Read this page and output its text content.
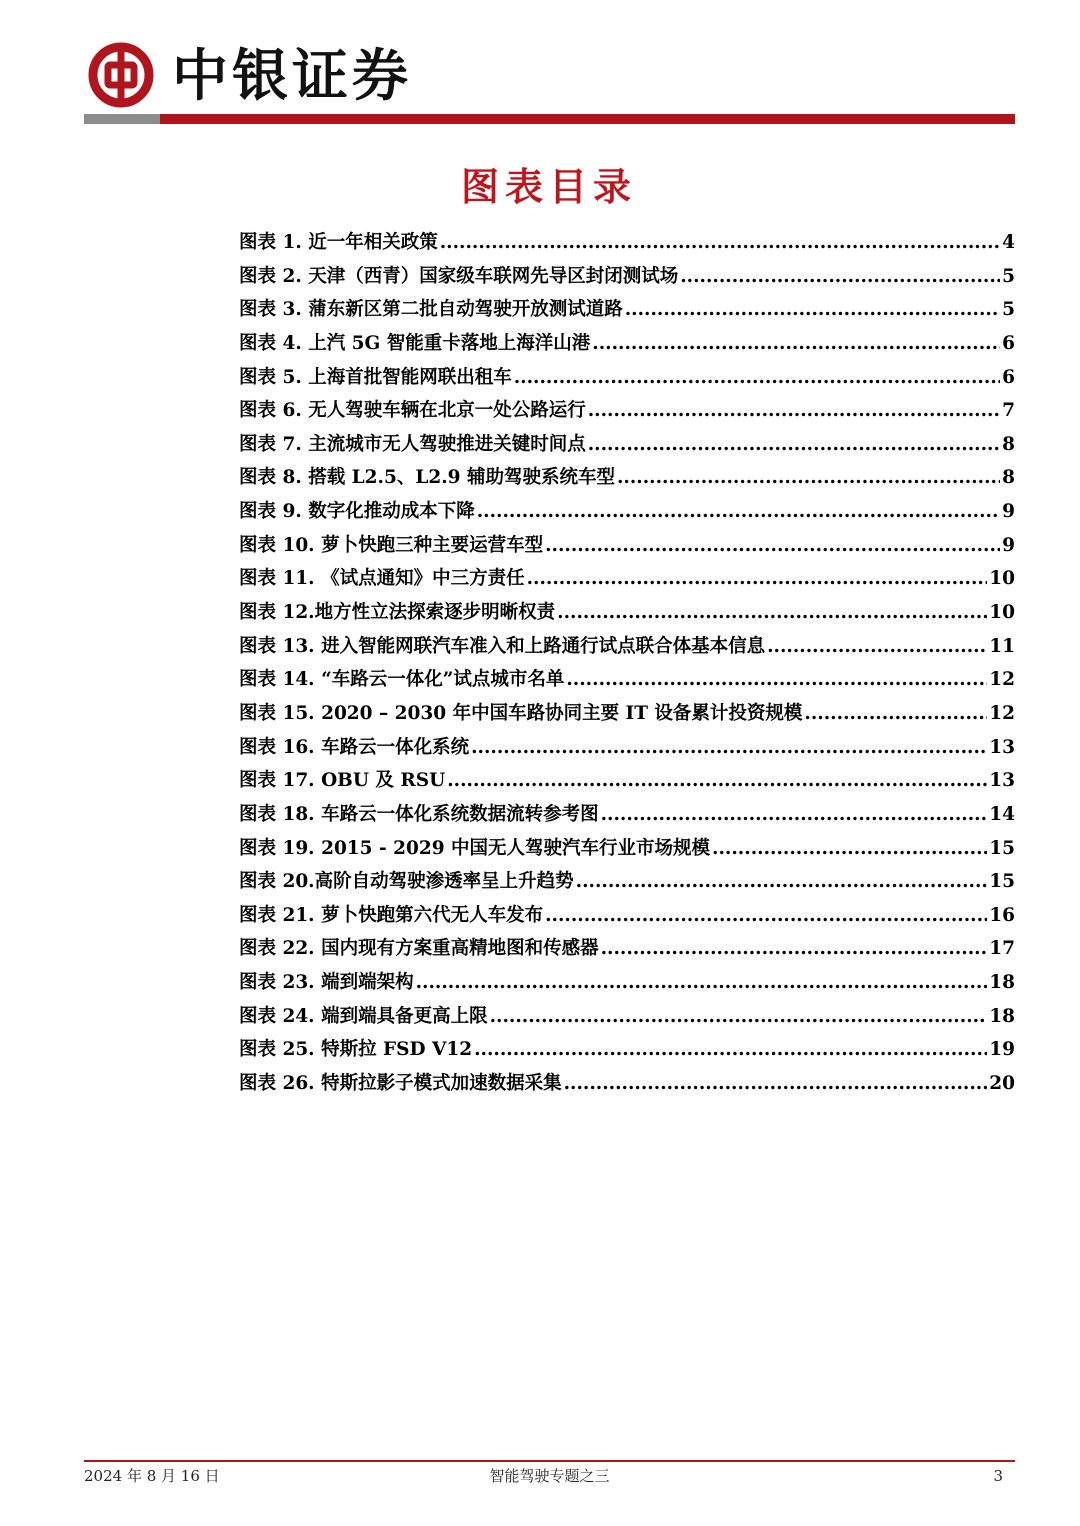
中银证券
图表目录
图表 1. 近一年相关政策 .....	4
图表 2. 天津（西青）国家级车联网先导区封闭测试场 .....	5
图表 3. 蒲东新区第二批自动驾驶开放测试道路 .....	5
图表 4. 上汽 5G 智能重卡落地上海洋山港 .....	6
图表 5. 上海首批智能网联出租车 .....	6
图表 6. 无人驾驶车辆在北京一处公路运行 .....	7
图表 7. 主流城市无人驾驶推进关键时间点 .....	8
图表 8. 搭载 L2.5、L2.9 辅助驾驶系统车型 .....	8
图表 9. 数字化推动成本下降 .....	9
图表 10. 萝卜快跑三种主要运营车型 .....	9
图表 11. 《试点通知》中三方责任 .....	10
图表 12.地方性立法探索逐步明晰权责 .....	10
图表 13. 进入智能网联汽车准入和上路通行试点联合体基本信息 .....	11
图表 14. “车路云一体化”试点城市名单 .....	12
图表 15. 2020 – 2030 年中国车路协同主要 IT 设备累计投资规模 .....	12
图表 16. 车路云一体化系统 .....	13
图表 17. OBU 及 RSU .....	13
图表 18. 车路云一体化系统数据流转参考图 .....	14
图表 19. 2015 - 2029 中国无人驾驶汽车行业市场规模 .....	15
图表 20.高阶自动驾驶渗透率呈上升趋势 .....	15
图表 21. 萝卜快跑第六代无人车发布 .....	16
图表 22. 国内现有方案重高精地图和传感器 .....	17
图表 23. 端到端架构 .....	18
图表 24. 端到端具备更高上限 .....	18
图表 25. 特斯拉 FSD V12 .....	19
图表 26. 特斯拉影子模式加速数据采集 .....	20
2024 年 8 月 16 日	智能驾驶专题之三	3
